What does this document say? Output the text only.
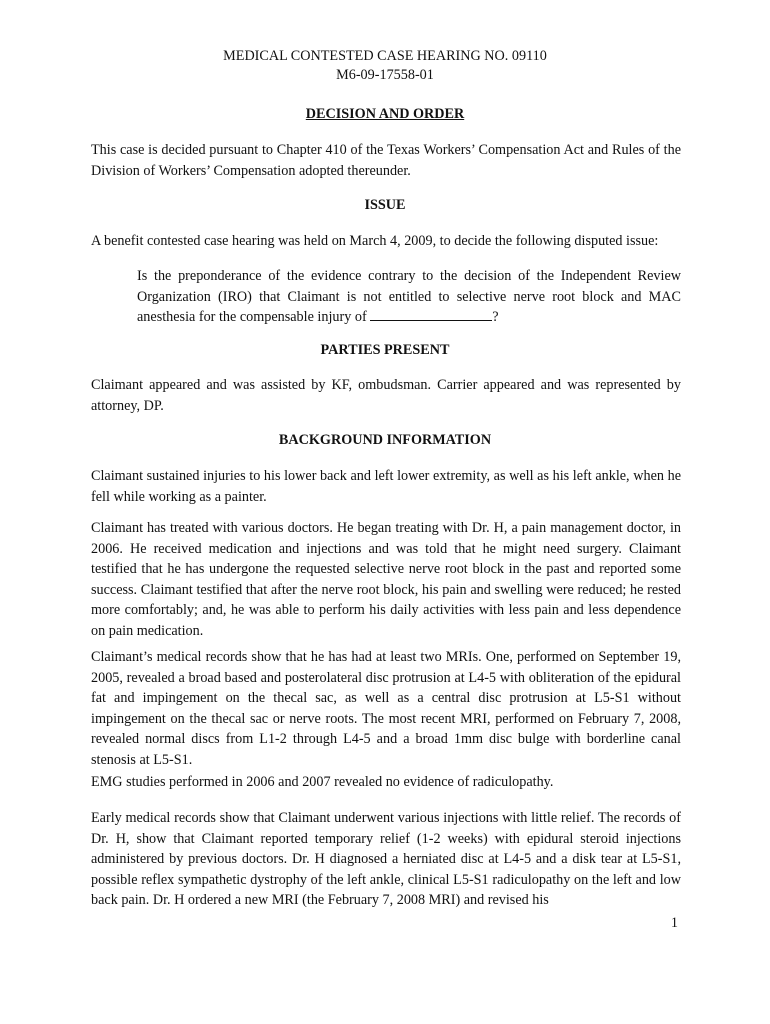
MEDICAL CONTESTED CASE HEARING NO. 09110
M6-09-17558-01
DECISION AND ORDER
This case is decided pursuant to Chapter 410 of the Texas Workers’ Compensation Act and Rules of the Division of Workers’ Compensation adopted thereunder.
ISSUE
A benefit contested case hearing was held on March 4, 2009, to decide the following disputed issue:
Is the preponderance of the evidence contrary to the decision of the Independent Review Organization (IRO) that Claimant is not entitled to selective nerve root block and MAC anesthesia for the compensable injury of	?
PARTIES PRESENT
Claimant appeared and was assisted by KF, ombudsman. Carrier appeared and was represented by attorney, DP.
BACKGROUND INFORMATION
Claimant sustained injuries to his lower back and left lower extremity, as well as his left ankle, when he fell while working as a painter.
Claimant has treated with various doctors. He began treating with Dr. H, a pain management doctor, in 2006. He received medication and injections and was told that he might need surgery. Claimant testified that he has undergone the requested selective nerve root block in the past and reported some success. Claimant testified that after the nerve root block, his pain and swelling were reduced; he rested more comfortably; and, he was able to perform his daily activities with less pain and less dependence on pain medication.
Claimant’s medical records show that he has had at least two MRIs. One, performed on September 19, 2005, revealed a broad based and posterolateral disc protrusion at L4-5 with obliteration of the epidural fat and impingement on the thecal sac, as well as a central disc protrusion at L5-S1 without impingement on the thecal sac or nerve roots. The most recent MRI, performed on February 7, 2008, revealed normal discs from L1-2 through L4-5 and a broad 1mm disc bulge with borderline canal stenosis at L5-S1.
EMG studies performed in 2006 and 2007 revealed no evidence of radiculopathy.
Early medical records show that Claimant underwent various injections with little relief. The records of Dr. H, show that Claimant reported temporary relief (1-2 weeks) with epidural steroid injections administered by previous doctors. Dr. H diagnosed a herniated disc at L4-5 and a disk tear at L5-S1, possible reflex sympathetic dystrophy of the left ankle, clinical L5-S1 radiculopathy on the left and low back pain. Dr. H ordered a new MRI (the February 7, 2008 MRI) and revised his
1
